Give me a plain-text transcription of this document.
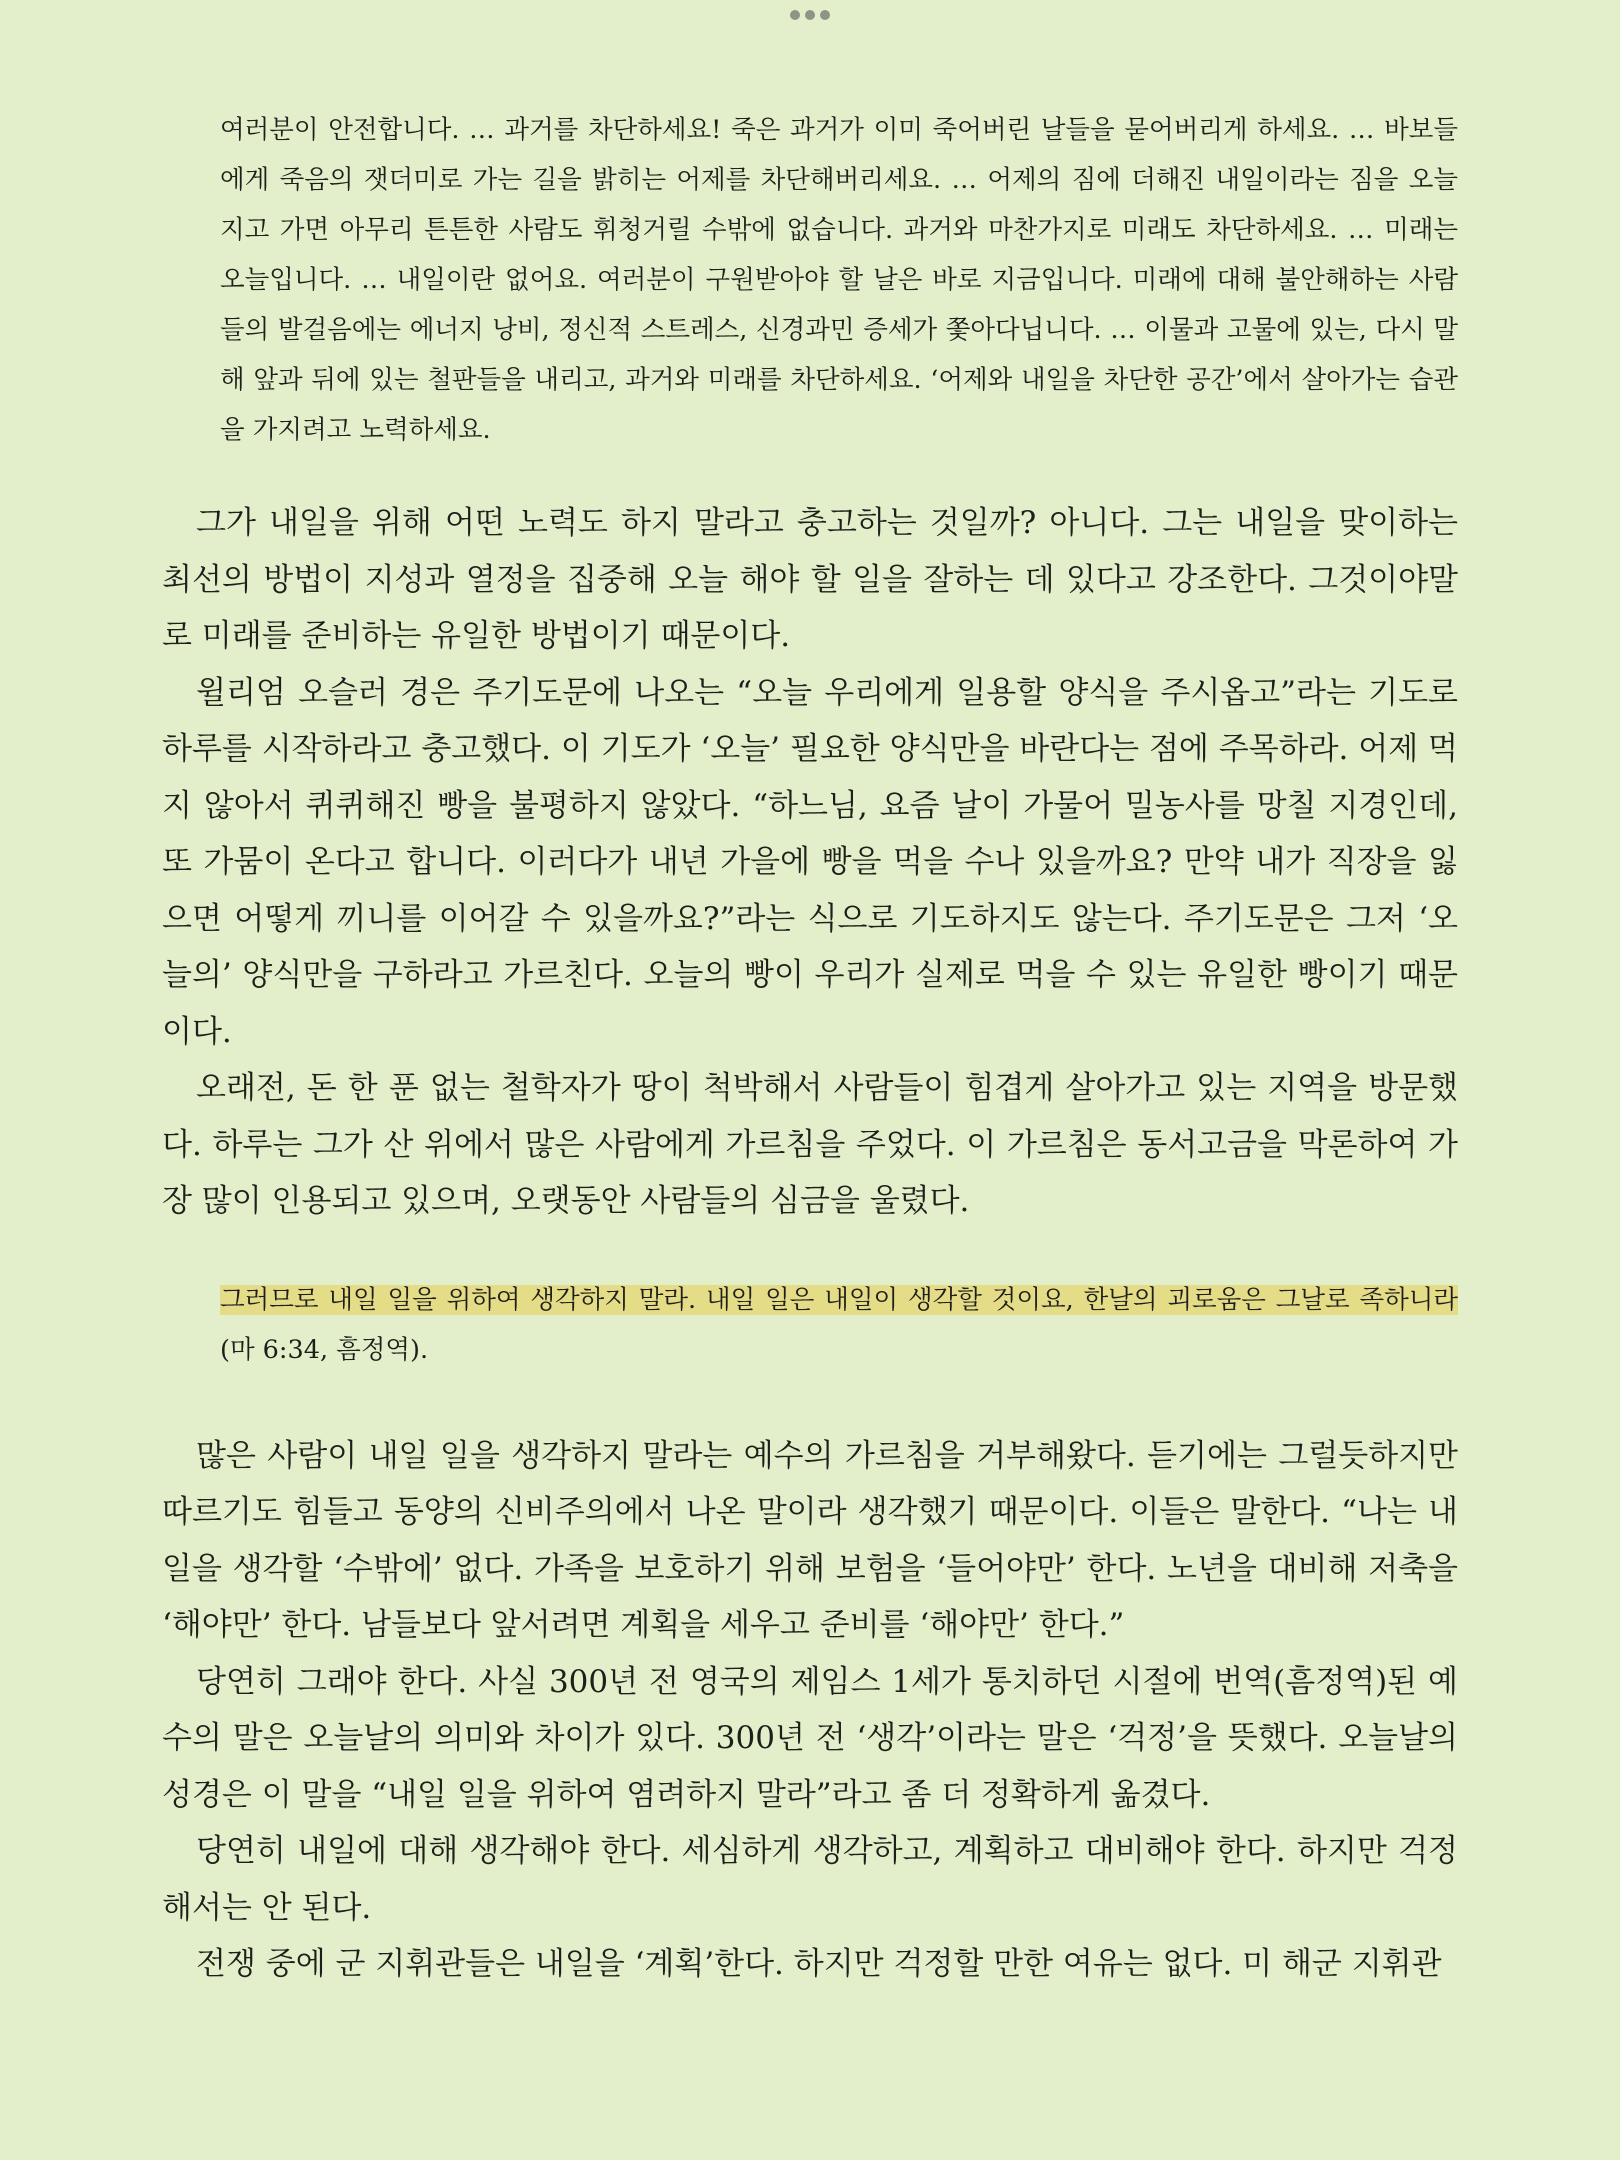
여러분이 안전합니다. … 과거를 차단하세요! 죽은 과거가 이미 죽어버린 날들을 묻어버리게 하세요. … 바보들에게 죽음의 잿더미로 가는 길을 밝히는 어제를 차단해버리세요. … 어제의 짐에 더해진 내일이라는 짐을 오늘 지고 가면 아무리 튼튼한 사람도 휘청거릴 수밖에 없습니다. 과거와 마찬가지로 미래도 차단하세요. … 미래는 오늘입니다. … 내일이란 없어요. 여러분이 구원받아야 할 날은 바로 지금입니다. 미래에 대해 불안해하는 사람들의 발걸음에는 에너지 낭비, 정신적 스트레스, 신경과민 증세가 쫓아다닙니다. … 이물과 고물에 있는, 다시 말해 앞과 뒤에 있는 철판들을 내리고, 과거와 미래를 차단하세요. ‘어제와 내일을 차단한 공간’에서 살아가는 습관을 가지려고 노력하세요.

그가 내일을 위해 어떤 노력도 하지 말라고 충고하는 것일까? 아니다. 그는 내일을 맞이하는 최선의 방법이 지성과 열정을 집중해 오늘 해야 할 일을 잘하는 데 있다고 강조한다. 그것이야말로 미래를 준비하는 유일한 방법이기 때문이다.

윌리엄 오슬러 경은 주기도문에 나오는 “오늘 우리에게 일용할 양식을 주시옵고”라는 기도로 하루를 시작하라고 충고했다. 이 기도가 ‘오늘’ 필요한 양식만을 바란다는 점에 주목하라. 어제 먹지 않아서 퀴퀴해진 빵을 불평하지 않았다. “하느님, 요즘 날이 가물어 밀농사를 망칠 지경인데, 또 가뭄이 온다고 합니다. 이러다가 내년 가을에 빵을 먹을 수나 있을까요? 만약 내가 직장을 잃으면 어떻게 끼니를 이어갈 수 있을까요?”라는 식으로 기도하지도 않는다. 주기도문은 그저 ‘오늘의’ 양식만을 구하라고 가르친다. 오늘의 빵이 우리가 실제로 먹을 수 있는 유일한 빵이기 때문이다.

오래전, 돈 한 푼 없는 철학자가 땅이 척박해서 사람들이 힘겹게 살아가고 있는 지역을 방문했다. 하루는 그가 산 위에서 많은 사람에게 가르침을 주었다. 이 가르침은 동서고금을 막론하여 가장 많이 인용되고 있으며, 오랫동안 사람들의 심금을 울렸다.

그러므로 내일 일을 위하여 생각하지 말라. 내일 일은 내일이 생각할 것이요, 한날의 괴로움은 그날로 족하니라(마 6:34, 흠정역).

많은 사람이 내일 일을 생각하지 말라는 예수의 가르침을 거부해왔다. 듣기에는 그럴듯하지만 따르기도 힘들고 동양의 신비주의에서 나온 말이라 생각했기 때문이다. 이들은 말한다. “나는 내일을 생각할 ‘수밖에’ 없다. 가족을 보호하기 위해 보험을 ‘들어야만’ 한다. 노년을 대비해 저축을 ‘해야만’ 한다. 남들보다 앞서려면 계획을 세우고 준비를 ‘해야만’ 한다.”

당연히 그래야 한다. 사실 300년 전 영국의 제임스 1세가 통치하던 시절에 번역(흠정역)된 예수의 말은 오늘날의 의미와 차이가 있다. 300년 전 ‘생각’이라는 말은 ‘걱정’을 뜻했다. 오늘날의 성경은 이 말을 “내일 일을 위하여 염려하지 말라”라고 좀 더 정확하게 옮겼다.

당연히 내일에 대해 생각해야 한다. 세심하게 생각하고, 계획하고 대비해야 한다. 하지만 걱정해서는 안 된다.

전쟁 중에 군 지휘관들은 내일을 ‘계획’한다. 하지만 걱정할 만한 여유는 없다. 미 해군 지휘관
